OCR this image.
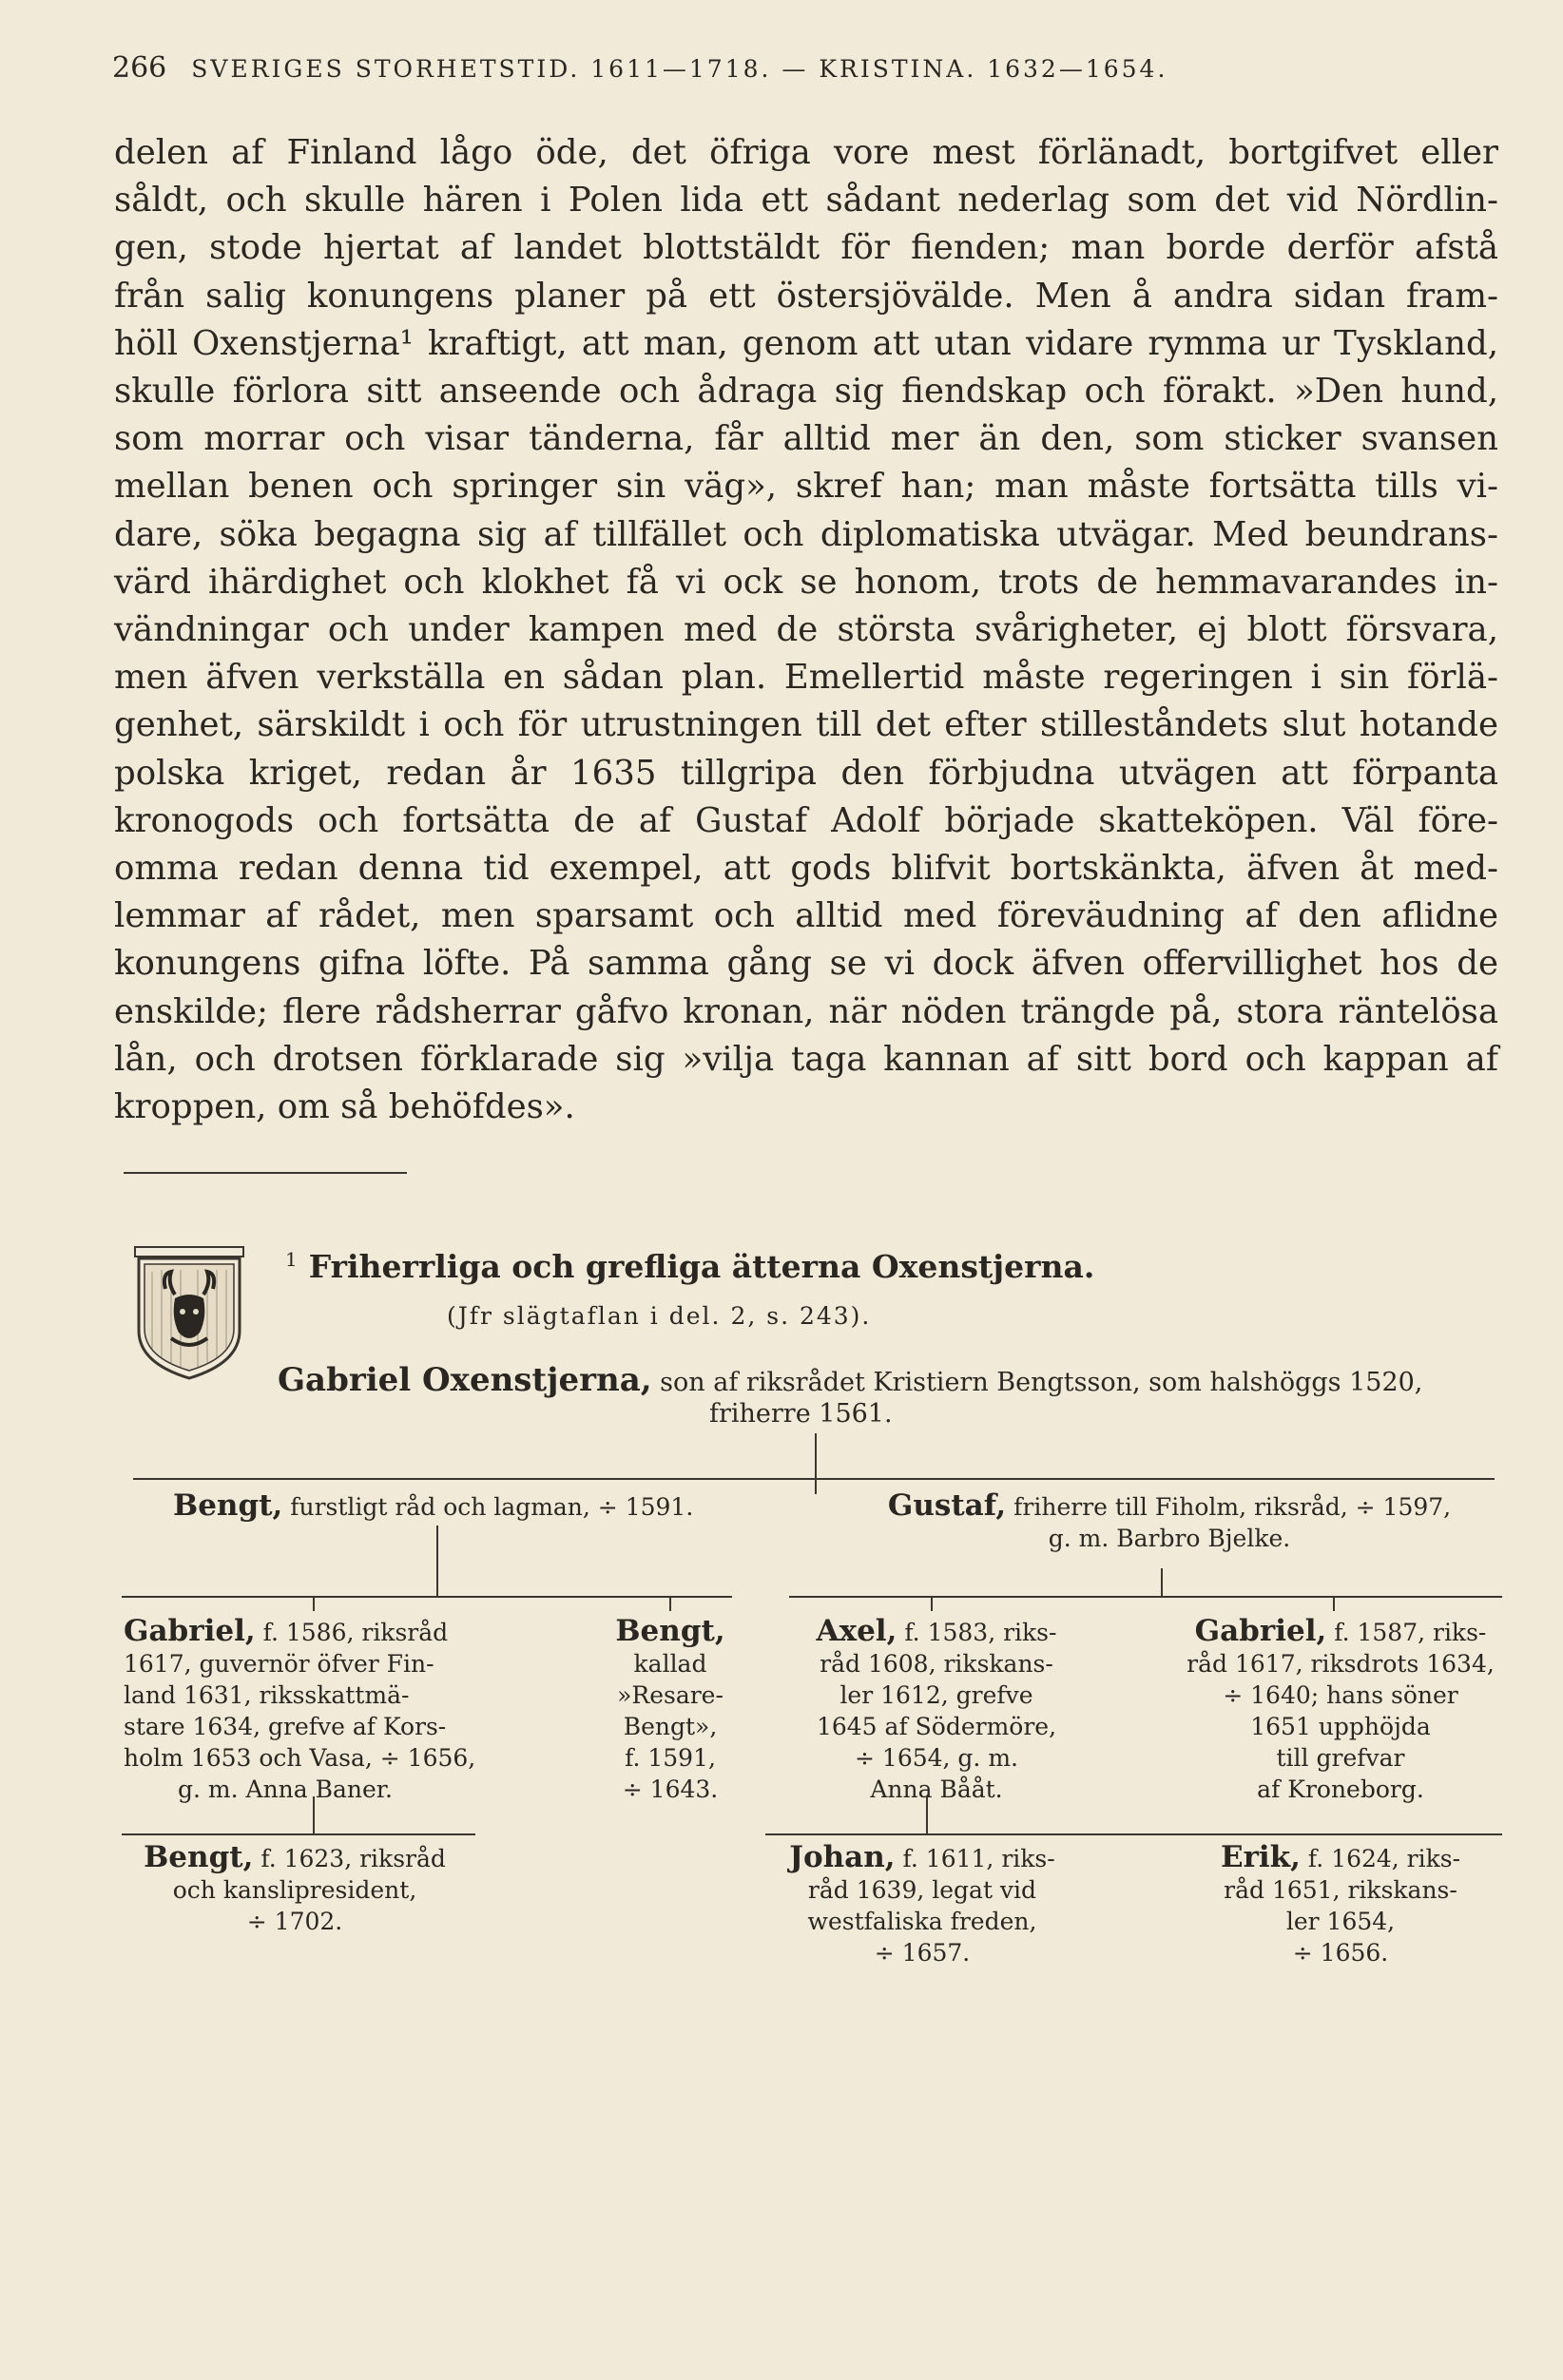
266 SVERIGES STORHETSTID. 1611—1718. — KRISTINA. 1632—1654.
delen af Finland lågo öde, det öfriga vore mest förlänadt, bortgifvet eller
såldt, och skulle hären i Polen lida ett sådant nederlag som det vid Nördlin-
gen, stode hjertat af landet blottstäldt för fienden; man borde derför afstå
från salig konungens planer på ett östersjövälde. Men å andra sidan fram-
höll Oxenstjerna¹ kraftigt, att man, genom att utan vidare rymma ur Tyskland,
skulle förlora sitt anseende och ådraga sig fiendskap och förakt. »Den hund,
som morrar och visar tänderna, får alltid mer än den, som sticker svansen
mellan benen och springer sin väg», skref han; man måste fortsätta tills vi-
dare, söka begagna sig af tillfället och diplomatiska utvägar. Med beundrans-
värd ihärdighet och klokhet få vi ock se honom, trots de hemmavarandes in-
vändningar och under kampen med de största svårigheter, ej blott försvara,
men äfven verkställa en sådan plan. Emellertid måste regeringen i sin förlä-
genhet, särskildt i och för utrustningen till det efter stilleståndets slut hotande
polska kriget, redan år 1635 tillgripa den förbjudna utvägen att förpanta
kronogods och fortsätta de af Gustaf Adolf började skatteköpen. Väl före-
omma redan denna tid exempel, att gods blifvit bortskänkta, äfven åt med-
lemmar af rådet, men sparsamt och alltid med föreväudning af den aflidne
konungens gifna löfte. På samma gång se vi dock äfven offervillighet hos de
enskilde; flere rådsherrar gåfvo kronan, när nöden trängde på, stora räntelösa
lån, och drotsen förklarade sig »vilja taga kannan af sitt bord och kappan af
kroppen, om så behöfdes».
$^1$ Friherrliga och grefliga ätterna Oxenstjerna.
(Jfr slägtaflan i del. 2, s. 243).
Gabriel Oxenstjerna, son af riksrådet Kristiern Bengtsson, som halshöggs 1520,
friherre 1561.
Bengt, furstligt råd och lagman, ÷ 1591.	Gustaf, friherre till Fiholm, riksråd, ÷ 1597,
g. m. Barbro Bjelke.
Gabriel, f. 1586, riksråd
1617, guvernör öfver Fin-
land 1631, riksskattmä-
stare 1634, grefve af Kors-
holm 1653 och Vasa, ÷ 1656,
g. m. Anna Baner.
Bengt,
kallad
»Resare-
Bengt»,
f. 1591,
÷ 1643.
Axel, f. 1583, riks-
råd 1608, rikskans-
ler 1612, grefve
1645 af Södermöre,
÷ 1654, g. m.
Anna Bååt.
Gabriel, f. 1587, riks-
råd 1617, riksdrots 1634,
÷ 1640; hans söner
1651 upphöjda
till grefvar
af Kroneborg.
Bengt, f. 1623, riksråd
och kanslipresident,
÷ 1702.
Johan, f. 1611, riks-
råd 1639, legat vid
westfaliska freden,
÷ 1657.
Erik, f. 1624, riks-
råd 1651, rikskans-
ler 1654,
÷ 1656.
